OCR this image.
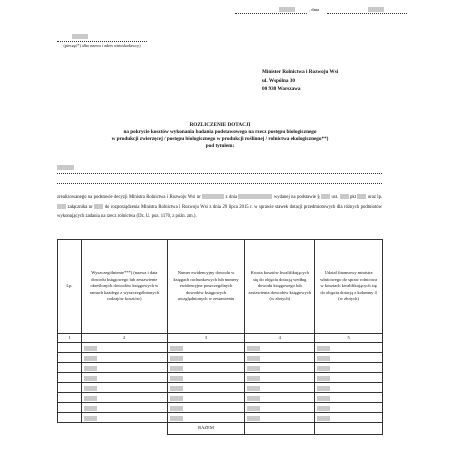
, dnia
(pieczęć*) albo nazwa i adres wnioskodawcy)
Minister Rolnictwa i Rozwoju Wsi
ul. Wspólna 30
00 930 Warszawa
ROZLICZENIE DOTACJI
na pokrycie kosztów wykonania badania podstawowego na rzecz postępu biologicznego
w produkcji zwierzęcej / postępu biologicznego w produkcji roślinnej / rolnictwa ekologicznego**)
pod tytułem:
zrealizowanego na podstawie decyzji Ministra Rolnictwa i Rozwoju Wsi nr	z dnia	wydanej na podstawie §	ust.	pkt	oraz lp.  załącznika nr	do rozporządzenia Ministra Rolnictwa i Rozwoju Wsi z dnia 29 lipca 2015 r. w sprawie stawek dotacji przedmiotowych dla różnych podmiotów wykonujących zadania na rzecz rolnictwa (Dz. U. poz. 1170, z późn. zm.).
Lp.	Wyszczególnienie***) (nazwa i data dowodu księgowego lub zestawienie określonych dowodów księgowych w ramach każdego z wyszczególnionych rodzajów kosztów)	Numer ewidencyjny dowodu w księgach rachunkowych lub numery ewidencyjne poszczególnych dowodów księgowych uwzględnionych w zestawieniu	Kwota kosztów kwalifikujących się do objęcia dotacją według dowodu księgowego lub zestawienia dowodów księgowych (w złotych)	Udział finansowy ministra właściwego do spraw rolnictwa w kosztach kwalifikujących się do objęcia dotacją z kolumny 4 (w złotych)
1	2	3	4	5

		RAZEM		
